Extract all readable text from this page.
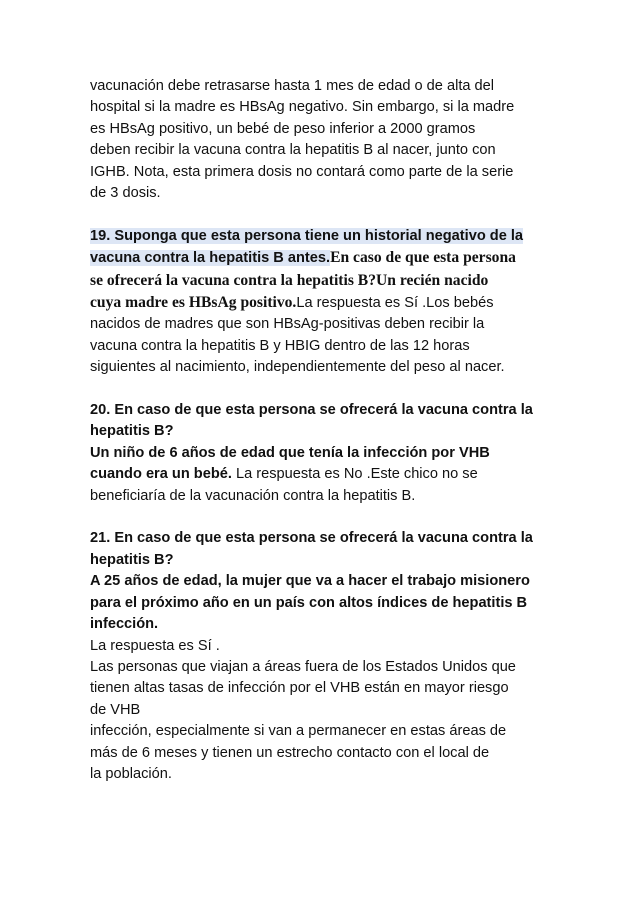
vacunación debe retrasarse hasta 1 mes de edad o de alta del
hospital si la madre es HBsAg negativo. Sin embargo, si la madre
es HBsAg positivo, un bebé de peso inferior a 2000 gramos
deben recibir la vacuna contra la hepatitis B al nacer, junto con
IGHB. Nota, esta primera dosis no contará como parte de la serie
de 3 dosis.

19. Suponga que esta persona tiene un historial negativo de la
vacuna contra la hepatitis B antes.En caso de que esta persona
se ofrecerá la vacuna contra la hepatitis B?Un recién nacido
cuya madre es HBsAg positivo.La respuesta es Sí .Los bebés
nacidos de madres que son HBsAg-positivas deben recibir la
vacuna contra la hepatitis B y HBIG dentro de las 12 horas
siguientes al nacimiento, independientemente del peso al nacer.

20. En caso de que esta persona se ofrecerá la vacuna contra la
hepatitis B?
Un niño de 6 años de edad que tenía la infección por VHB
cuando era un bebé. La respuesta es No .Este chico no se
beneficiaría de la vacunación contra la hepatitis B.

21. En caso de que esta persona se ofrecerá la vacuna contra la
hepatitis B?
A 25 años de edad, la mujer que va a hacer el trabajo misionero
para el próximo año en un país con altos índices de hepatitis B
infección.
La respuesta es Sí .
Las personas que viajan a áreas fuera de los Estados Unidos que
tienen altas tasas de infección por el VHB están en mayor riesgo
de VHB
infección, especialmente si van a permanecer en estas áreas de
más de 6 meses y tienen un estrecho contacto con el local de
la población.
